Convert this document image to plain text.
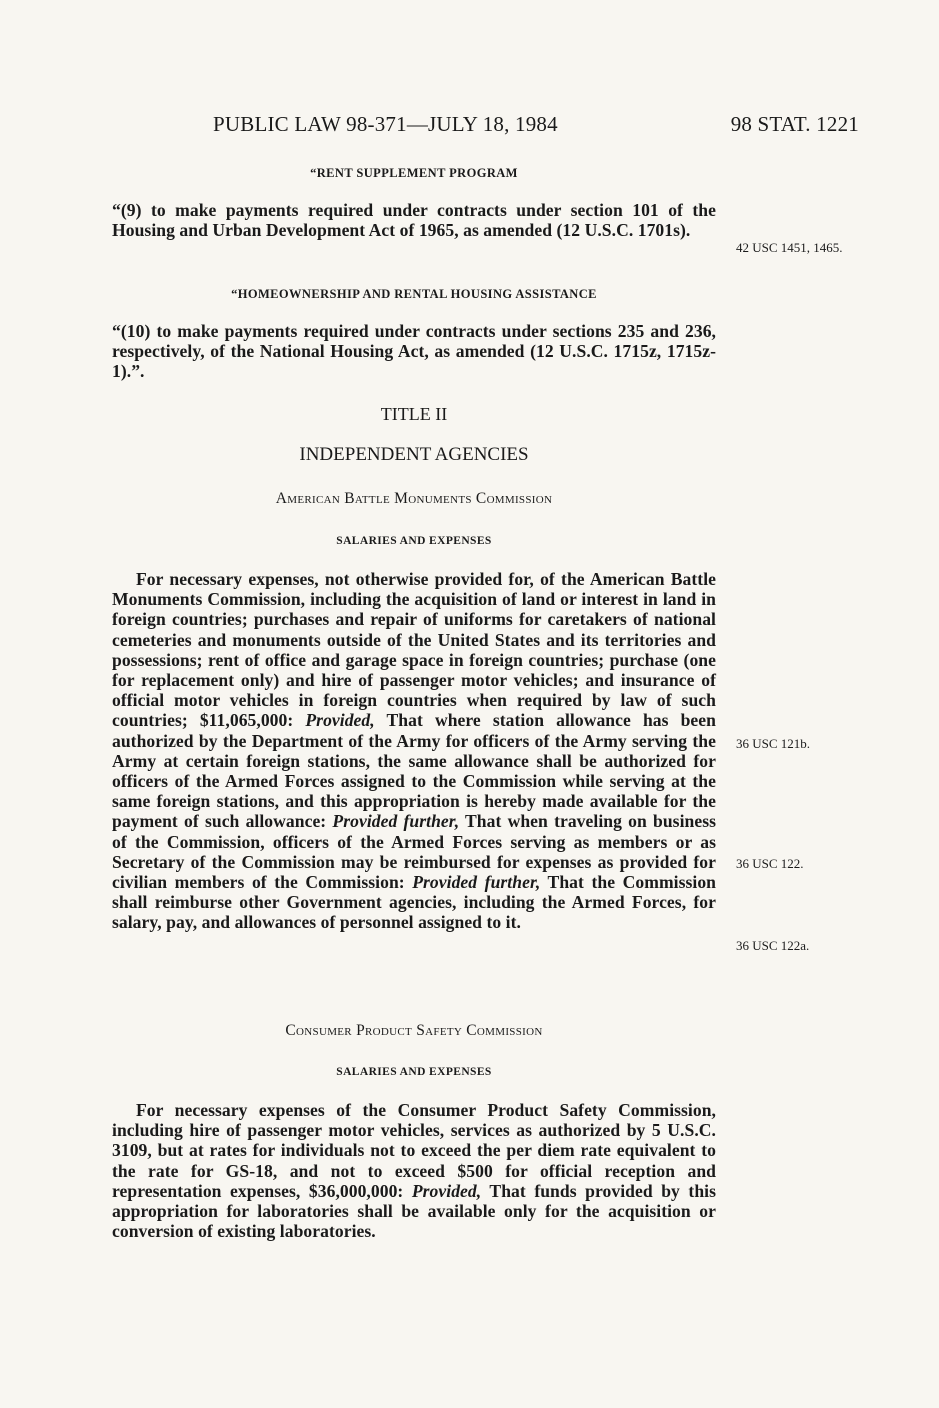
PUBLIC LAW 98-371—JULY 18, 1984	98 STAT. 1221
“RENT SUPPLEMENT PROGRAM
“(9) to make payments required under contracts under section 101 of the Housing and Urban Development Act of 1965, as amended (12 U.S.C. 1701s).
42 USC 1451, 1465.
“HOMEOWNERSHIP AND RENTAL HOUSING ASSISTANCE
“(10) to make payments required under contracts under sections 235 and 236, respectively, of the National Housing Act, as amended (12 U.S.C. 1715z, 1715z-1).”.
TITLE II
INDEPENDENT AGENCIES
American Battle Monuments Commission
SALARIES AND EXPENSES
For necessary expenses, not otherwise provided for, of the American Battle Monuments Commission, including the acquisition of land or interest in land in foreign countries; purchases and repair of uniforms for caretakers of national cemeteries and monuments outside of the United States and its territories and possessions; rent of office and garage space in foreign countries; purchase (one for replacement only) and hire of passenger motor vehicles; and insurance of official motor vehicles in foreign countries when required by law of such countries; $11,065,000: Provided, That where station allowance has been authorized by the Department of the Army for officers of the Army serving the Army at certain foreign stations, the same allowance shall be authorized for officers of the Armed Forces assigned to the Commission while serving at the same foreign stations, and this appropriation is hereby made available for the payment of such allowance: Provided further, That when traveling on business of the Commission, officers of the Armed Forces serving as members or as Secretary of the Commission may be reimbursed for expenses as provided for civilian members of the Commission: Provided further, That the Commission shall reimburse other Government agencies, including the Armed Forces, for salary, pay, and allowances of personnel assigned to it.
36 USC 121b.
36 USC 122.
36 USC 122a.
Consumer Product Safety Commission
SALARIES AND EXPENSES
For necessary expenses of the Consumer Product Safety Commission, including hire of passenger motor vehicles, services as authorized by 5 U.S.C. 3109, but at rates for individuals not to exceed the per diem rate equivalent to the rate for GS-18, and not to exceed $500 for official reception and representation expenses, $36,000,000: Provided, That funds provided by this appropriation for laboratories shall be available only for the acquisition or conversion of existing laboratories.
